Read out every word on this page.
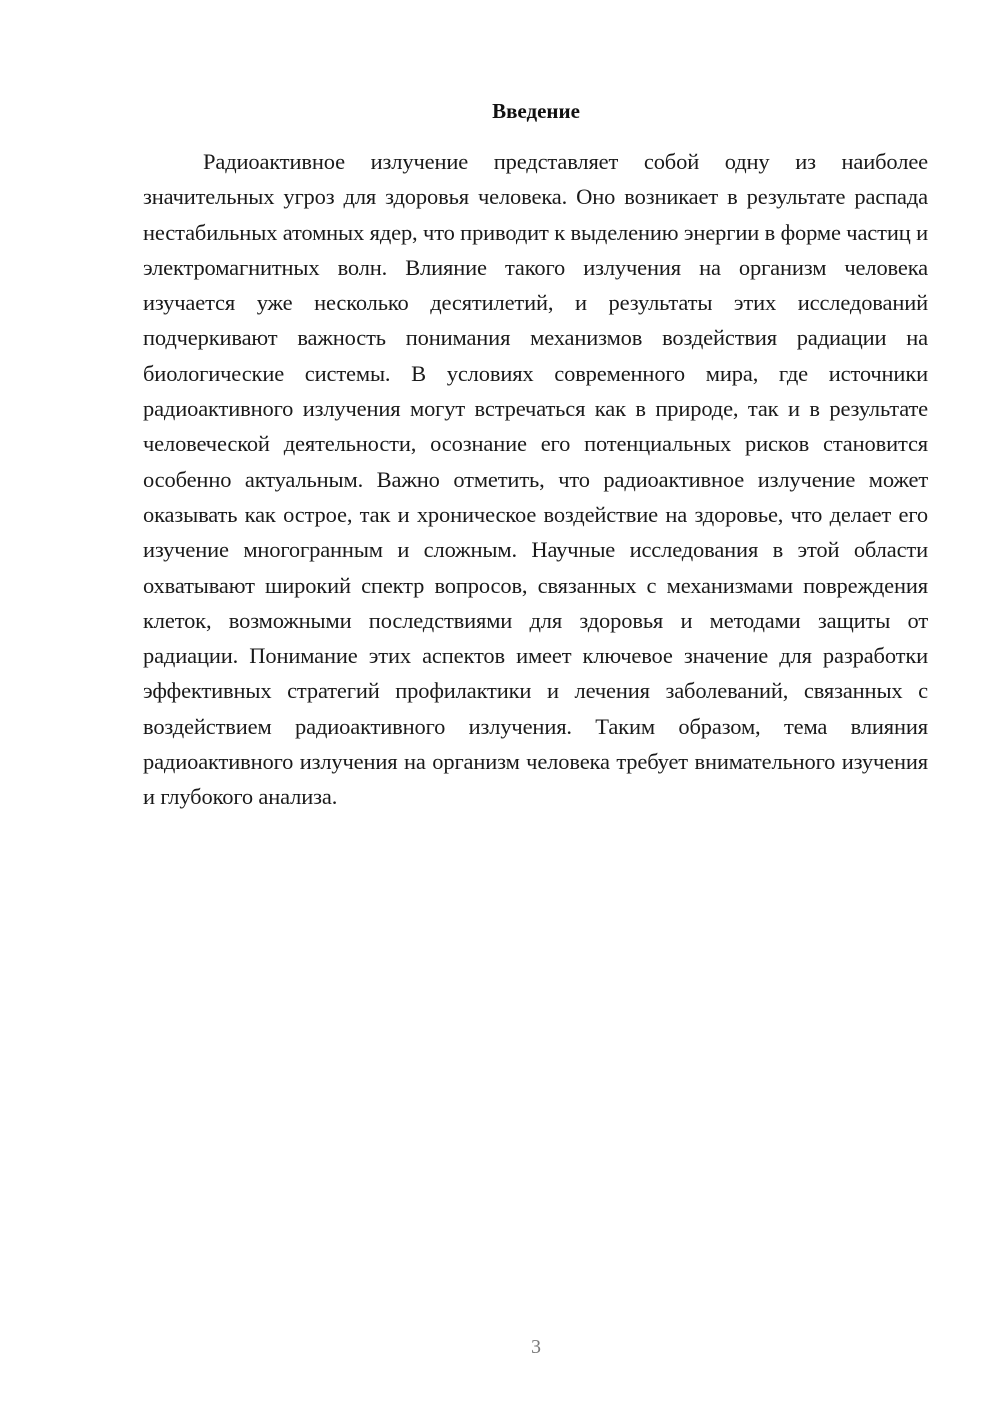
Введение

Радиоактивное излучение представляет собой одну из наиболее значительных угроз для здоровья человека. Оно возникает в результате распада нестабильных атомных ядер, что приводит к выделению энергии в форме частиц и электромагнитных волн. Влияние такого излучения на организм человека изучается уже несколько десятилетий, и результаты этих исследований подчеркивают важность понимания механизмов воздействия радиации на биологические системы. В условиях современного мира, где источники радиоактивного излучения могут встречаться как в природе, так и в результате человеческой деятельности, осознание его потенциальных рисков становится особенно актуальным. Важно отметить, что радиоактивное излучение может оказывать как острое, так и хроническое воздействие на здоровье, что делает его изучение многогранным и сложным. Научные исследования в этой области охватывают широкий спектр вопросов, связанных с механизмами повреждения клеток, возможными последствиями для здоровья и методами защиты от радиации. Понимание этих аспектов имеет ключевое значение для разработки эффективных стратегий профилактики и лечения заболеваний, связанных с воздействием радиоактивного излучения. Таким образом, тема влияния радиоактивного излучения на организм человека требует внимательного изучения и глубокого анализа.

3
